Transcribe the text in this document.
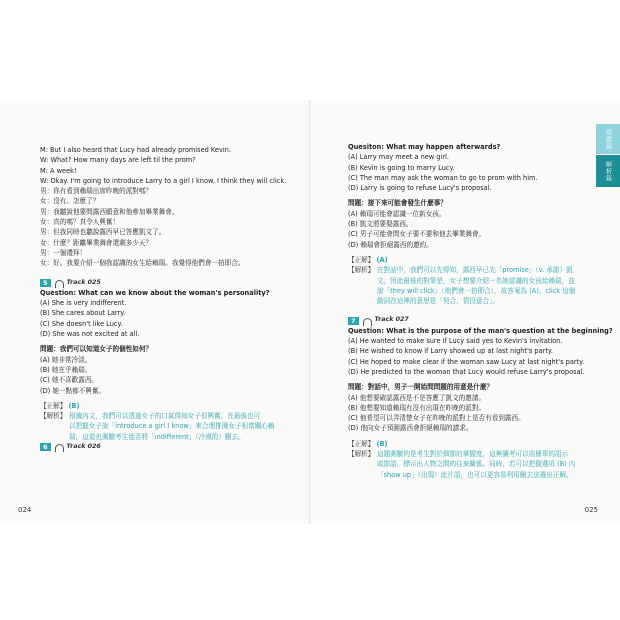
M: But I also heard that Lucy had already promised Kevin.
W: What? How many days are left til the prom?
M: A week!
W: Okay. I'm going to introduce Larry to a girl I know. I think they will click.
男：你有看到賴瑞出席昨晚的派對嗎？
女：沒有。怎麼了？
男：我聽說他要問露西願意和他參加畢業舞會。
女：真的嗎？真令人興奮！
男：但我同時也聽說露西早已答應凱文了。
女：什麼？距離畢業舞會還剩多少天？
男：一個禮拜！
女：好。我要介紹一個我認識的女生給賴瑞。我覺得他們會一拍即合。
5	Track 025
Question: What can we know about the woman's personality?
(A) She is very indifferent.
(B) She cares about Larry.
(C) She doesn't like Lucy.
(D) She was not excited at all.
問題：我們可以知道女子的個性如何？
(A) 她非常冷淡。
(B) 她在乎賴瑞。
(C) 她不喜歡露西。
(D) 她一點都不興奮。
【正解】 (B)
【解析】 根據內文，我們可以透過女子的口氣得知女子很興奮，在最後也可
以把握女子說「introduce a girl I know」來合理推測女子相當關心賴
瑞，這道也測驗考生能否將「indifferent」（冷漠的）刪去。
6	Track 026
024
Quesiton: What may happen afterwards?
(A) Larry may meet a new girl.
(B) Kevin is going to marry Lucy.
(C) The man may ask the woman to go to prom with him.
(D) Larry is going to refuse Lucy's proposal.
問題：接下來可能會發生什麼事？
(A) 賴瑞可能會認識一位新女孩。
(B) 凱文將要娶露西。
(C) 男子可能會問女子要不要和他去畢業舞會。
(D) 賴瑞會拒絕露西的邀約。
【正解】 (A)
【解析】 在對話中，我們可以先得知，露西早已先「promise」（v. 承諾）凱
文，因此最後的對策是，女子想要介紹一名她認識的女孩給賴瑞，並
說「they will click」（他們會一拍即合），故答案為 (A)。click 這個
動詞在這裡的意思是「契合、情投意合」。
7	Track 027
Question: What is the purpose of the man's question at the beginning?
(A) He wanted to make sure if Lucy said yes to Kevin's invitation.
(B) He wished to know if Larry showed up at last night's party.
(C) He hoped to make clear if the woman saw Lucy at last night's party.
(D) He predicted to the woman that Lucy would refuse Larry's proposal.
問題：對話中，男子一開始問問題的用意是什麼？
(A) 他想要確認露西是不是答應了凱文的邀請。
(B) 他想要知道賴瑞有沒有出現在昨晚的派對。
(C) 他希望可以弄清楚女子在昨晚的派對上是否有看到露西。
(D) 他向女子預測露西會拒絕賴瑞的請求。
【正解】 (B)
【解析】 這題測驗的是考生對於細節的掌握度，這裡讓考可以用簡單的語示
或節語，標示出人物之間的往來關係。同時，若可以把握選項 (B) 內
「show up」（出現）此片語，也可以更容易利用刪去法選出正解。
025
試題篇
解析篇
